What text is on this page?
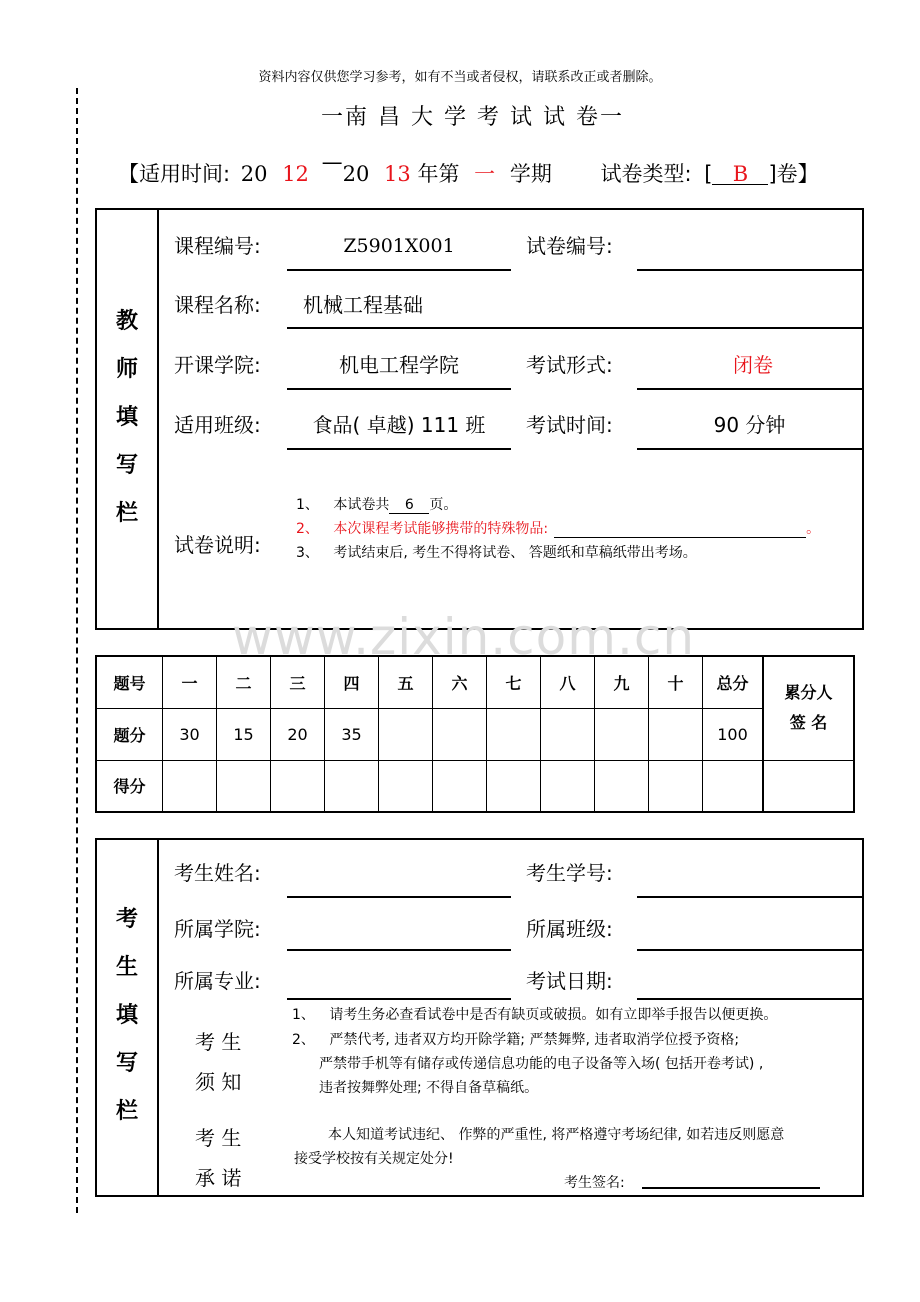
资料内容仅供您学习参考，如有不当或者侵权，请联系改正或者删除。
一南 昌 大 学 考 试 试 卷一
【适用时间: 20 12 —20 13 年第 一 学期 试卷类型: [ B ]卷】
教
师
填
写
栏
课程编号:	Z5901X001	试卷编号:
课程名称: 机械工程基础
开课学院:	机电工程学院	考试形式:	闭卷
适用班级:	食品( 卓越) 111 班	考试时间:	90 分钟
试卷说明:
1、 本试卷共 6 页。
2、 本次课程考试能够携带的特殊物品:	。
3、 考试结束后, 考生不得将试卷、 答题纸和草稿纸带出考场。
www.zixin.com.cn
题号	一	二	三	四	五	六	七	八	九	十	总分	累分人
签 名

题分	30	15	20	35							100	
得分												
考
生
填
写
栏
考生姓名:	考生学号:
所属学院:	所属班级:
所属专业:	考试日期:
考 生
须 知
1、 请考生务必查看试卷中是否有缺页或破损。如有立即举手报告以便更换。
2、 严禁代考, 违者双方均开除学籍; 严禁舞弊, 违者取消学位授予资格;
严禁带手机等有储存或传递信息功能的电子设备等入场( 包括开卷考试) ,
违者按舞弊处理; 不得自备草稿纸。
考 生
承 诺
本人知道考试违纪、 作弊的严重性, 将严格遵守考场纪律, 如若违反则愿意
接受学校按有关规定处分!
考生签名:
